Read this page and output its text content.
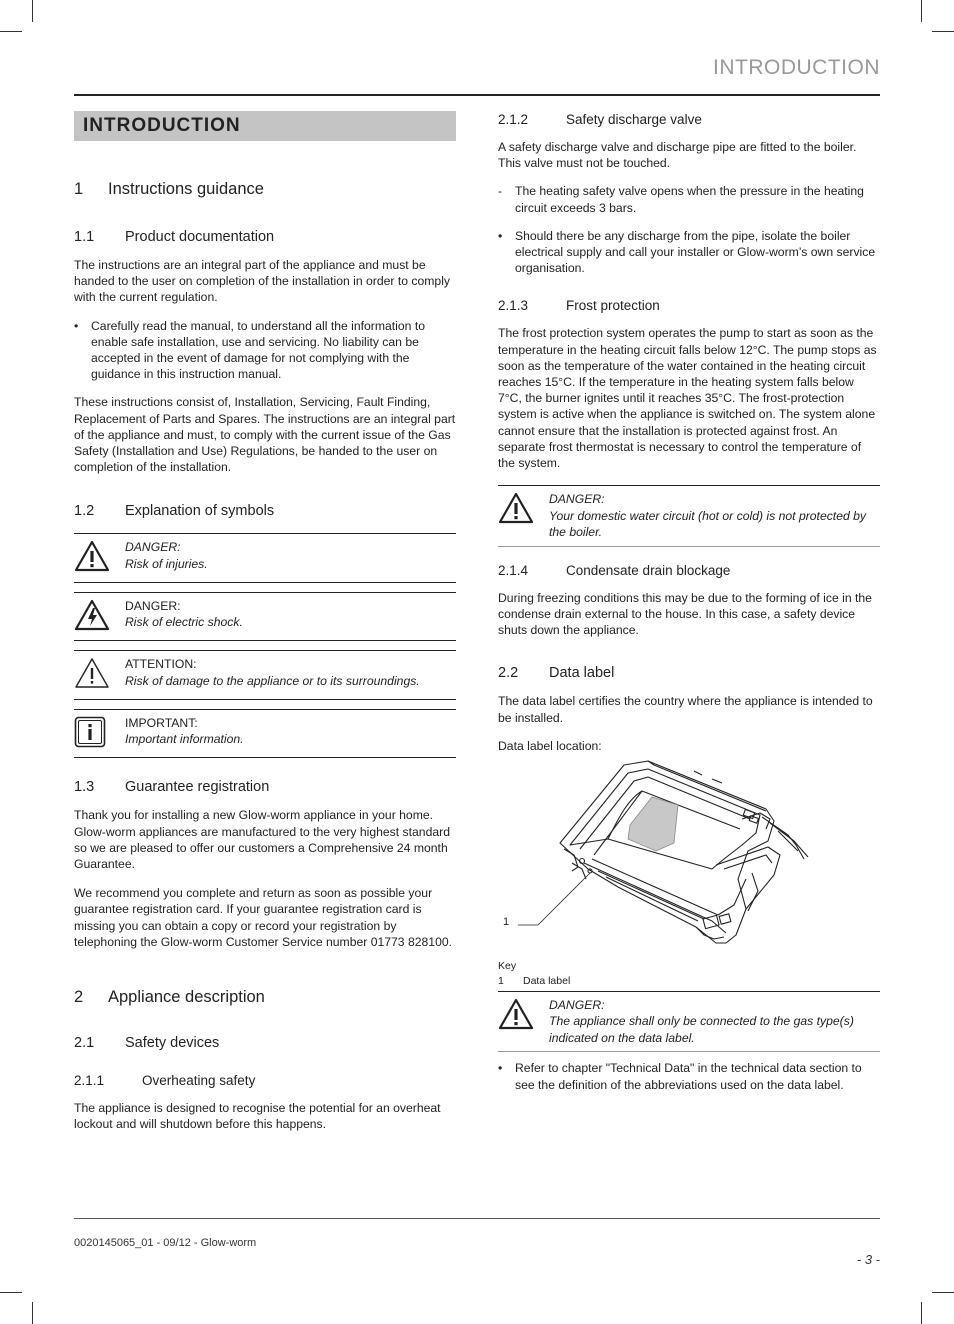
INTRODUCTION
INTRODUCTION
1	Instructions guidance
1.1	Product documentation

The instructions are an integral part of the appliance and must be handed to the user on completion of the installation in order to comply with the current regulation.

•	Carefully read the manual, to understand all the information to enable safe installation, use and servicing. No liability can be accepted in the event of damage for not complying with the guidance in this instruction manual.

These instructions consist of, Installation, Servicing, Fault Finding, Replacement of Parts and Spares. The instructions are an integral part of the appliance and must, to comply with the current issue of the Gas Safety (Installation and Use) Regulations, be handed to the user on completion of the installation.

1.2	Explanation of symbols
DANGER:
Risk of injuries.
DANGER:
Risk of electric shock.
ATTENTION:
Risk of damage to the appliance or to its surroundings.
IMPORTANT:
Important information.
1.3	Guarantee registration

Thank you for installing a new Glow-worm appliance in your home. Glow-worm appliances are manufactured to the very highest standard so we are pleased to offer our customers a Comprehensive 24 month Guarantee.

We recommend you complete and return as soon as possible your guarantee registration card. If your guarantee registration card is missing you can obtain a copy or record your registration by telephoning the Glow-worm Customer Service number 01773 828100.

2	Appliance description
2.1	Safety devices
2.1.1	Overheating safety

The appliance is designed to recognise the potential for an overheat lockout and will shutdown before this happens.

2.1.2	Safety discharge valve

A safety discharge valve and discharge pipe are fitted to the boiler. This valve must not be touched.

-	The heating safety valve opens when the pressure in the heating circuit exceeds 3 bars.
•	Should there be any discharge from the pipe, isolate the boiler electrical supply and call your installer or Glow-worm’s own service organisation.
2.1.3	Frost protection

The frost protection system operates the pump to start as soon as the temperature in the heating circuit falls below 12°C. The pump stops as soon as the temperature of the water contained in the heating circuit reaches 15°C. If the temperature in the heating system falls below 7°C, the burner ignites until it reaches 35°C. The frost-protection system is active when the appliance is switched on. The system alone cannot ensure that the installation is protected against frost. An separate frost thermostat is necessary to control the temperature of the system.

DANGER:
Your domestic water circuit (hot or cold) is not protected by the boiler.
2.1.4	Condensate drain blockage

During freezing conditions this may be due to the forming of ice in the condense drain external to the house. In this case, a safety device shuts down the appliance.

2.2	Data label

The data label certifies the country where the appliance is intended to be installed.

Data label location:

1
Key
1	Data label
DANGER:
The appliance shall only be connected to the gas type(s) indicated on the data label.
•	Refer to chapter "Technical Data" in the technical data section to see the definition of the abbreviations used on the data label.
0020145065_01 - 09/12 - Glow-worm
- 3 -
